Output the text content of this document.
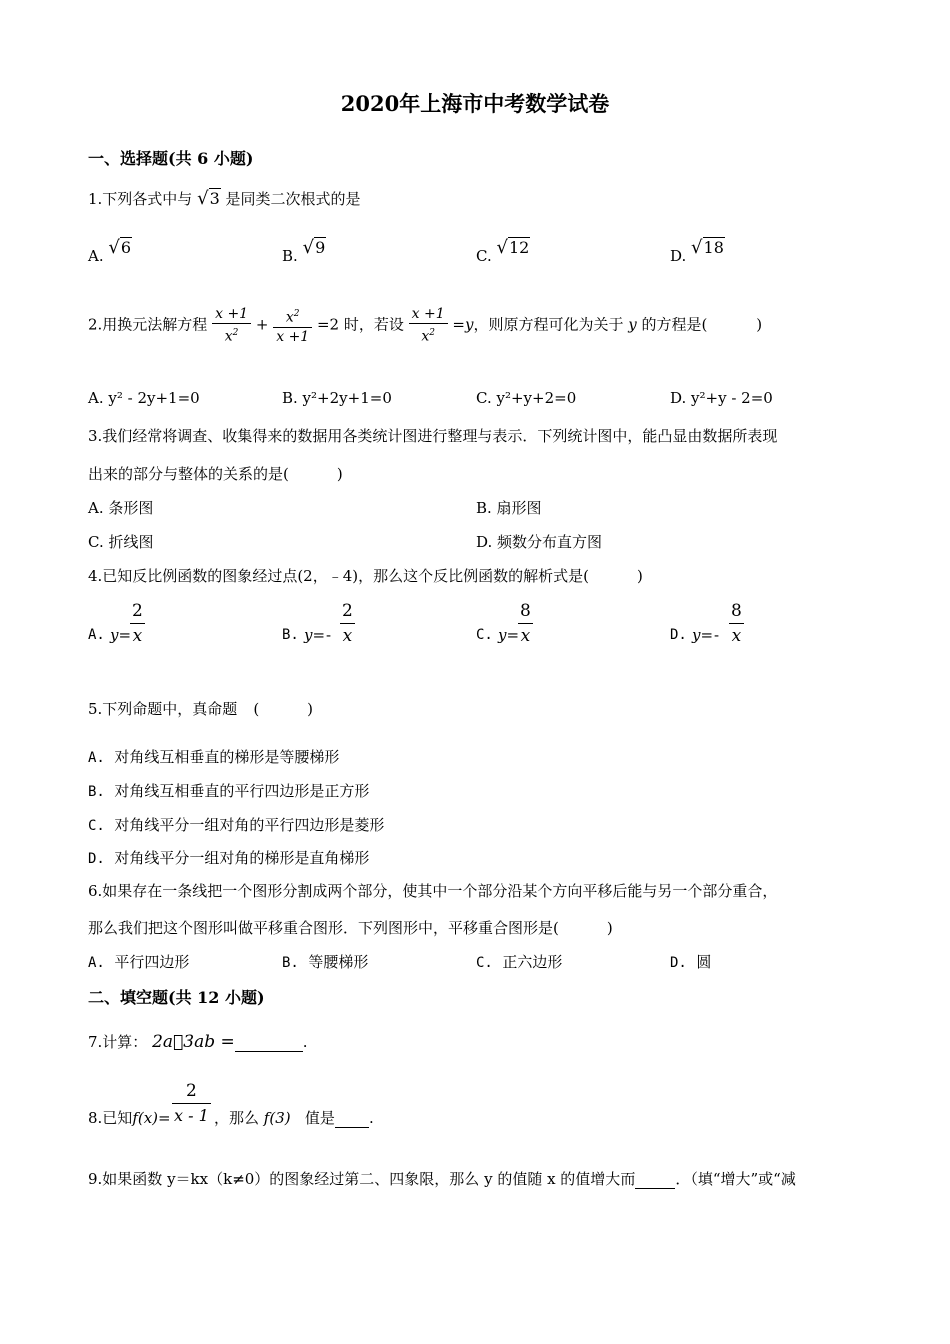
2020年上海市中考数学试卷
一、选择题(共 6 小题)
1.下列各式中与 √3 是同类二次根式的是
A. √6	B. √9	C. √12	D. √18
2.用换元法解方程 $\frac{x +1}{x^2} + \frac{x^2}{x +1} =2$ 时，若设 $\frac{x +1}{x^2} =y$，则原方程可化为关于 y 的方程是(	)
A. y² ‑ 2y+1=0	B. y²+2y+1=0	C. y²+y+2=0	D. y²+y ‑ 2=0
3.我们经常将调查、收集得来的数据用各类统计图进行整理与表示．下列统计图中，能凸显由数据所表现
出来的部分与整体的关系的是(	)
A. 条形图	B. 扇形图
C. 折线图	D. 频数分布直方图
4.已知反比例函数的图象经过点(2，﹣4)，那么这个反比例函数的解析式是(	)
A. y=
$\frac{2}{x}$	B. $y= - \frac{2}{x}$	C. y=
$\frac{8}{x}$	D. $y= - \frac{8}{x}$
5.下列命题中，真命题 (	)
A. 对角线互相垂直的梯形是等腰梯形
B. 对角线互相垂直的平行四边形是正方形
C. 对角线平分一组对角的平行四边形是菱形
D. 对角线平分一组对角的梯形是直角梯形
6.如果存在一条线把一个图形分割成两个部分，使其中一个部分沿某个方向平移后能与另一个部分重合，
那么我们把这个图形叫做平移重合图形．下列图形中，平移重合图形是(	)
A. 平行四边形	B. 等腰梯形	C. 正六边形	D. 圆
二、填空题(共 12 小题)
7.计算： 2a⃞3ab =	.
8.已知$f(x)= \frac{2}{x - 1}$ ，那么 f(3) 值是 .
9.如果函数 y＝kx（k≠0）的图象经过第二、四象限，那么 y 的值随 x 的值增大而	．（填“增大”或“减
